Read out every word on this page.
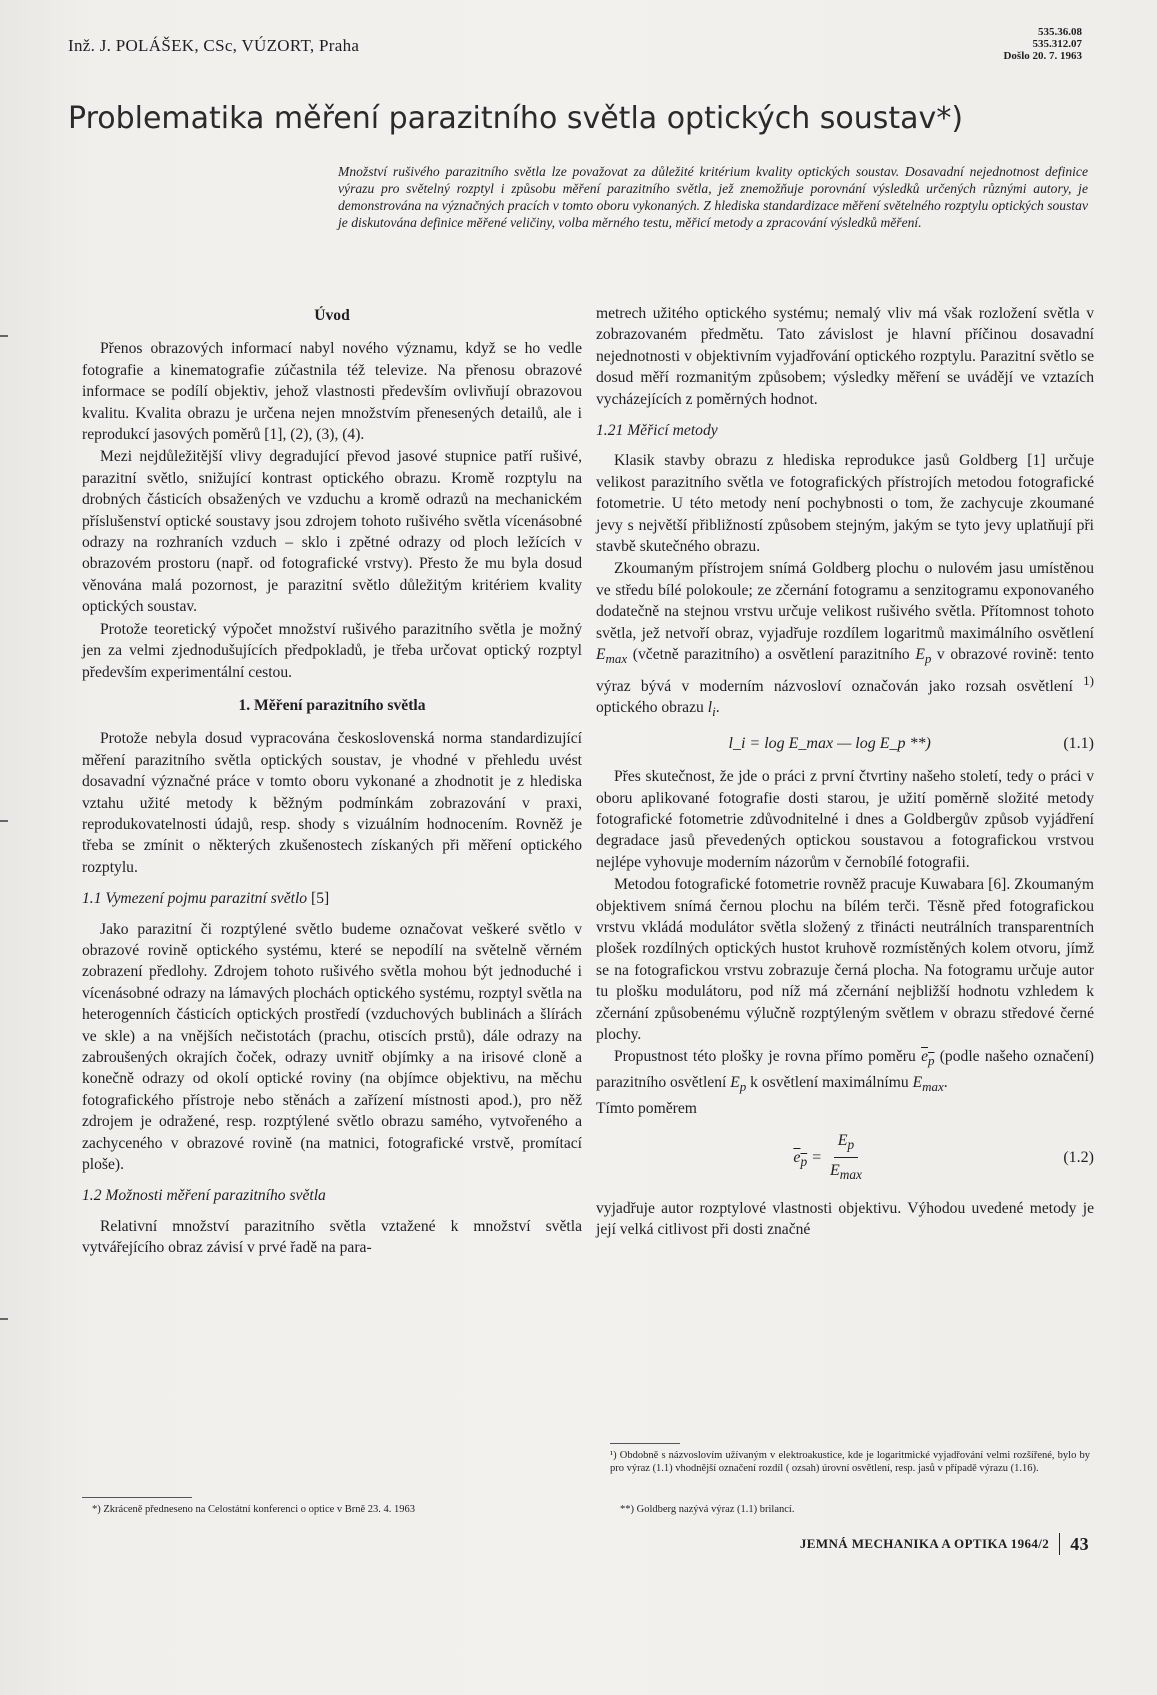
Inž. J. POLÁŠEK, CSc, VÚZORT, Praha
535.36.08
535.312.07
Došlo 20. 7. 1963
Problematika měření parazitního světla optických soustav*)
Množství rušivého parazitního světla lze považovat za důležité kritérium kvality optických soustav. Dosavadní nejednotnost definice výrazu pro světelný rozptyl i způsobu měření parazitního světla, jež znemožňuje porovnání výsledků určených různými autory, je demonstrována na význačných pracích v tomto oboru vykonaných. Z hlediska standardizace měření světelného rozptylu optických soustav je diskutována definice měřené veličiny, volba měrného testu, měřicí metody a zpracování výsledků měření.
Úvod

Přenos obrazových informací nabyl nového významu, když se ho vedle fotografie a kinematografie zúčastnila též televize. Na přenosu obrazové informace se podílí objektiv, jehož vlastnosti především ovlivňují obrazovou kvalitu. Kvalita obrazu je určena nejen množstvím přenesených detailů, ale i reprodukcí jasových poměrů [1], (2), (3), (4).

Mezi nejdůležitější vlivy degradující převod jasové stupnice patří rušivé, parazitní světlo, snižující kontrast optického obrazu. Kromě rozptylu na drobných částicích obsažených ve vzduchu a kromě odrazů na mechanickém příslušenství optické soustavy jsou zdrojem tohoto rušivého světla vícenásobné odrazy na rozhraních vzduch – sklo i zpětné odrazy od ploch ležících v obrazovém prostoru (např. od fotografické vrstvy). Přesto že mu byla dosud věnována malá pozornost, je parazitní světlo důležitým kritériem kvality optických soustav.

Protože teoretický výpočet množství rušivého parazitního světla je možný jen za velmi zjednodušujících předpokladů, je třeba určovat optický rozptyl především experimentální cestou.

1. Měření parazitního světla

Protože nebyla dosud vypracována československá norma standardizující měření parazitního světla optických soustav, je vhodné v přehledu uvést dosavadní význačné práce v tomto oboru vykonané a zhodnotit je z hlediska vztahu užité metody k běžným podmínkám zobrazování v praxi, reprodukovatelnosti údajů, resp. shody s vizuálním hodnocením. Rovněž je třeba se zmínit o některých zkušenostech získaných při měření optického rozptylu.

1.1 Vymezení pojmu parazitní světlo [5]

Jako parazitní či rozptýlené světlo budeme označovat veškeré světlo v obrazové rovině optického systému, které se nepodílí na světelně věrném zobrazení předlohy. Zdrojem tohoto rušivého světla mohou být jednoduché i vícenásobné odrazy na lámavých plochách optického systému, rozptyl světla na heterogenních částicích optických prostředí (vzduchových bublinách a šlírách ve skle) a na vnějších nečistotách (prachu, otiscích prstů), dále odrazy na zabroušených okrajích čoček, odrazy uvnitř objímky a na irisové cloně a konečně odrazy od okolí optické roviny (na objímce objektivu, na měchu fotografického přístroje nebo stěnách a zařízení místnosti apod.), pro něž zdrojem je odražené, resp. rozptýlené světlo obrazu samého, vytvořeného a zachyceného v obrazové rovině (na matnici, fotografické vrstvě, promítací ploše).

1.2 Možnosti měření parazitního světla

Relativní množství parazitního světla vztažené k množství světla vytvářejícího obraz závisí v prvé řadě na para-

*) Zkráceně předneseno na Celostátní konferenci o optice v Brně 23. 4. 1963

metrech užitého optického systému; nemalý vliv má však rozložení světla v zobrazovaném předmětu. Tato závislost je hlavní příčinou dosavadní nejednotnosti v objektivním vyjadřování optického rozptylu. Parazitní světlo se dosud měří rozmanitým způsobem; výsledky měření se uvádějí ve vztazích vycházejících z poměrných hodnot.

1.21 Měřicí metody

Klasik stavby obrazu z hlediska reprodukce jasů Goldberg [1] určuje velikost parazitního světla ve fotografických přístrojích metodou fotografické fotometrie. U této metody není pochybnosti o tom, že zachycuje zkoumané jevy s největší přibližností způsobem stejným, jakým se tyto jevy uplatňují při stavbě skutečného obrazu.

Zkoumaným přístrojem snímá Goldberg plochu o nulovém jasu umístěnou ve středu bílé polokoule; ze zčernání fotogramu a senzitogramu exponovaného dodatečně na stejnou vrstvu určuje velikost rušivého světla. Přítomnost tohoto světla, jež netvoří obraz, vyjadřuje rozdílem logaritmů maximálního osvětlení $E_{max}$ (včetně parazitního) a osvětlení parazitního $E_p$ v obrazové rovině: tento výraz bývá v moderním názvosloví označován jako rozsah osvětlení $^{1)}$ optického obrazu $l_i$.

l_i = log E_max — log E_p **)	(1.1)

Přes skutečnost, že jde o práci z první čtvrtiny našeho století, tedy o práci v oboru aplikované fotografie dosti starou, je užití poměrně složité metody fotografické fotometrie zdůvodnitelné i dnes a Goldbergův způsob vyjádření degradace jasů převedených optickou soustavou a fotografickou vrstvou nejlépe vyhovuje moderním názorům v černobílé fotografii.

Metodou fotografické fotometrie rovněž pracuje Kuwabara [6]. Zkoumaným objektivem snímá černou plochu na bílém terči. Těsně před fotografickou vrstvu vkládá modulátor světla složený z třinácti neutrálních transparentních plošek rozdílných optických hustot kruhově rozmístěných kolem otvoru, jímž se na fotografickou vrstvu zobrazuje černá plocha. Na fotogramu určuje autor tu plošku modulátoru, pod níž má zčernání nejbližší hodnotu vzhledem k zčernání způsobenému výlučně rozptýleným světlem v obrazu středové černé plochy.

Propustnost této plošky je rovna přímo poměru $e_p$ (podle našeho označení) parazitního osvětlení $E_p$ k osvětlení maximálnímu $E_{max}$.

Tímto poměrem

$e_p = \frac{E_p}{E_{max}}$	(1.2)

vyjadřuje autor rozptylové vlastnosti objektivu. Výhodou uvedené metody je její velká citlivost při dosti značné

¹) Obdobně s názvoslovím užívaným v elektroakustice, kde je logaritmické vyjadřování velmi rozšířené, bylo by pro výraz (1.1) vhodnější označení rozdíl ( ozsah) úrovní osvětlení, resp. jasů v případě výrazu (1.16).
**) Goldberg nazývá výraz (1.1) brilancí.
JEMNÁ MECHANIKA A OPTIKA 1964/2 43
